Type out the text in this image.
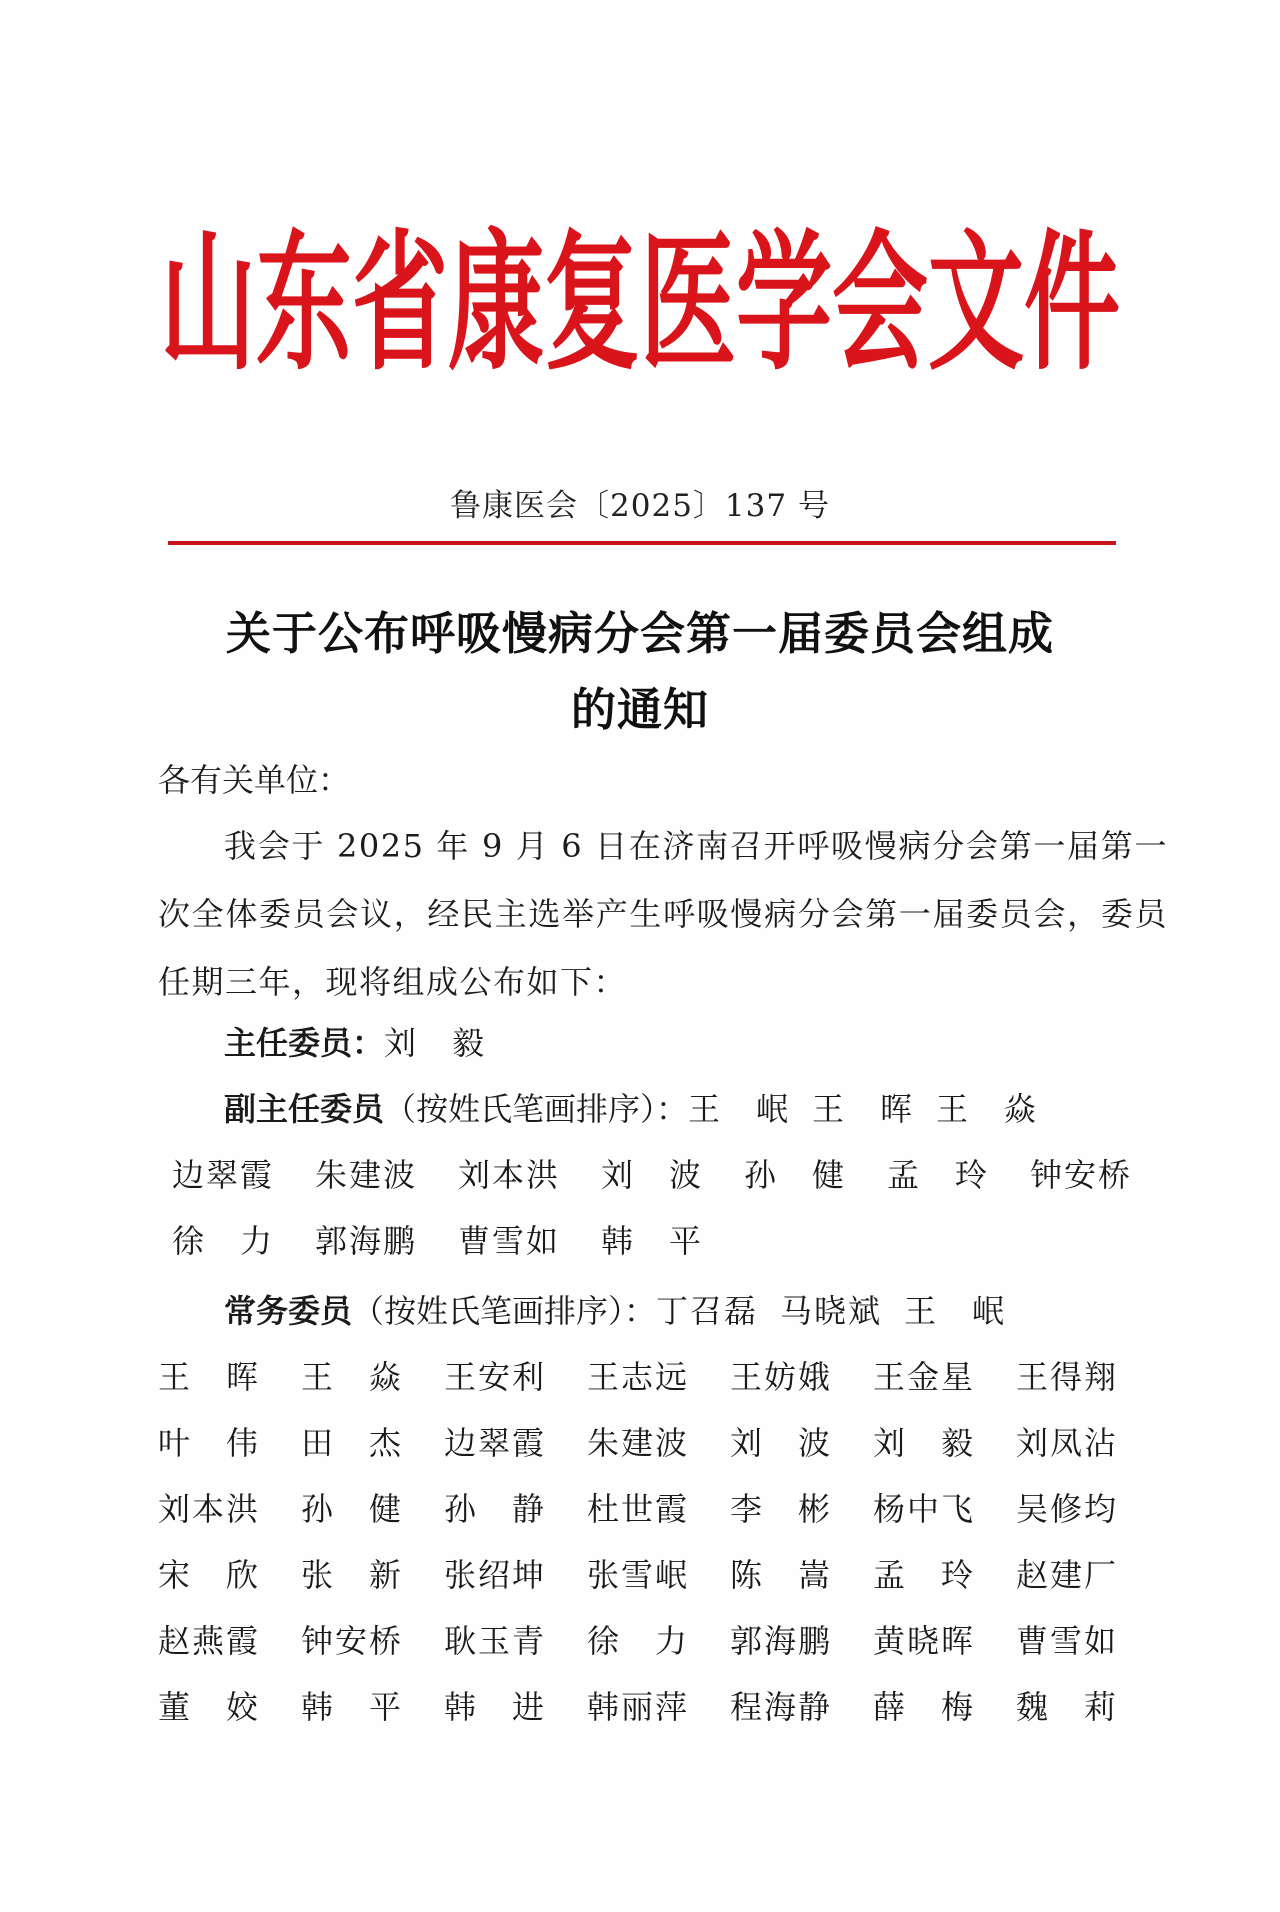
山东省康复医学会文件
鲁康医会〔2025〕137 号
关于公布呼吸慢病分会第一届委员会组成
的通知
各有关单位：
我会于 2025 年 9 月 6 日在济南召开呼吸慢病分会第一届第一次全体委员会议，经民主选举产生呼吸慢病分会第一届委员会，委员任期三年，现将组成公布如下：
主任委员：刘　毅
副主任委员（按姓氏笔画排序）：王　岷 王　晖 王　焱
边翠霞	朱建波	刘本洪	刘　波	孙　健	孟　玲	钟安桥
徐　力	郭海鹏	曹雪如	韩　平
常务委员（按姓氏笔画排序）：丁召磊 马晓斌 王　岷
王　晖	王　焱	王安利	王志远	王妨娥	王金星	王得翔
叶　伟	田　杰	边翠霞	朱建波	刘　波	刘　毅	刘凤沾
刘本洪	孙　健	孙　静	杜世霞	李　彬	杨中飞	吴修均
宋　欣	张　新	张绍坤	张雪岷	陈　嵩	孟　玲	赵建厂
赵燕霞	钟安桥	耿玉青	徐　力	郭海鹏	黄晓晖	曹雪如
董　姣	韩　平	韩　进	韩丽萍	程海静	薛　梅	魏　莉
